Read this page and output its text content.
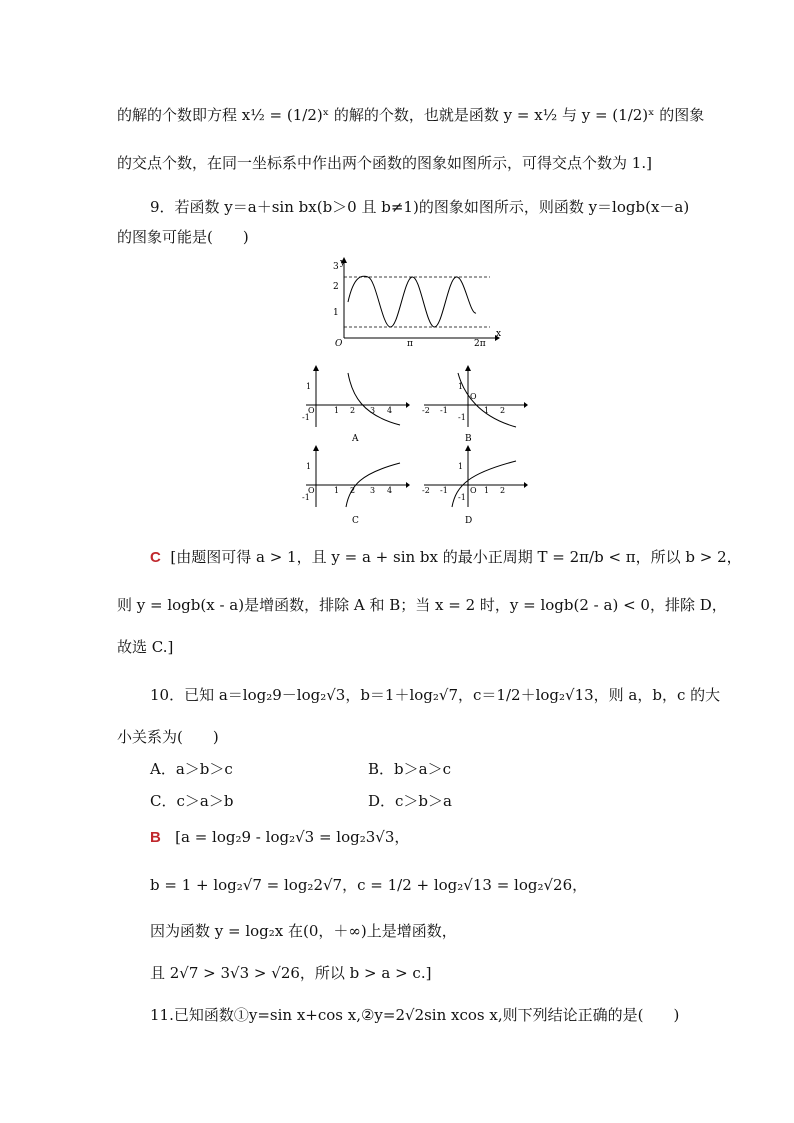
的解的个数即方程 x½ = (1/2)ˣ 的解的个数，也就是函数 y = x½ 与 y = (1/2)ˣ 的图象
的交点个数，在同一坐标系中作出两个函数的图象如图所示，可得交点个数为 1.]
9．若函数 y＝a＋sin bx(b＞0 且 b≠1)的图象如图所示，则函数 y＝logb(x－a)
的图象可能是(　　)
y
x
1
2
3
O	π	2π
1
-1
O 1 2 3 4
A
1
-1
-2 -1
O
1 2
B
1
-1
O 1 2 3 4
C
1
-1
-2 -1	O 1 2
D
C [由题图可得 a > 1，且 y = a + sin bx 的最小正周期 T = 2π/b < π，所以 b > 2，
则 y = logb(x - a)是增函数，排除 A 和 B；当 x = 2 时，y = logb(2 - a) < 0，排除 D，
故选 C.]
10．已知 a＝log₂9－log₂√3，b＝1＋log₂√7，c＝1/2＋log₂√13，则 a，b，c 的大
小关系为(　　)
A．a＞b＞c	B．b＞a＞c
C．c＞a＞b	D．c＞b＞a
B [a = log₂9 - log₂√3 = log₂3√3，
b = 1 + log₂√7 = log₂2√7，c = 1/2 + log₂√13 = log₂√26，
因为函数 y = log₂x 在(0，＋∞)上是增函数，
且 2√7 > 3√3 > √26，所以 b > a > c.]
11.已知函数①y=sin x+cos x,②y=2√2sin xcos x,则下列结论正确的是(　　)
